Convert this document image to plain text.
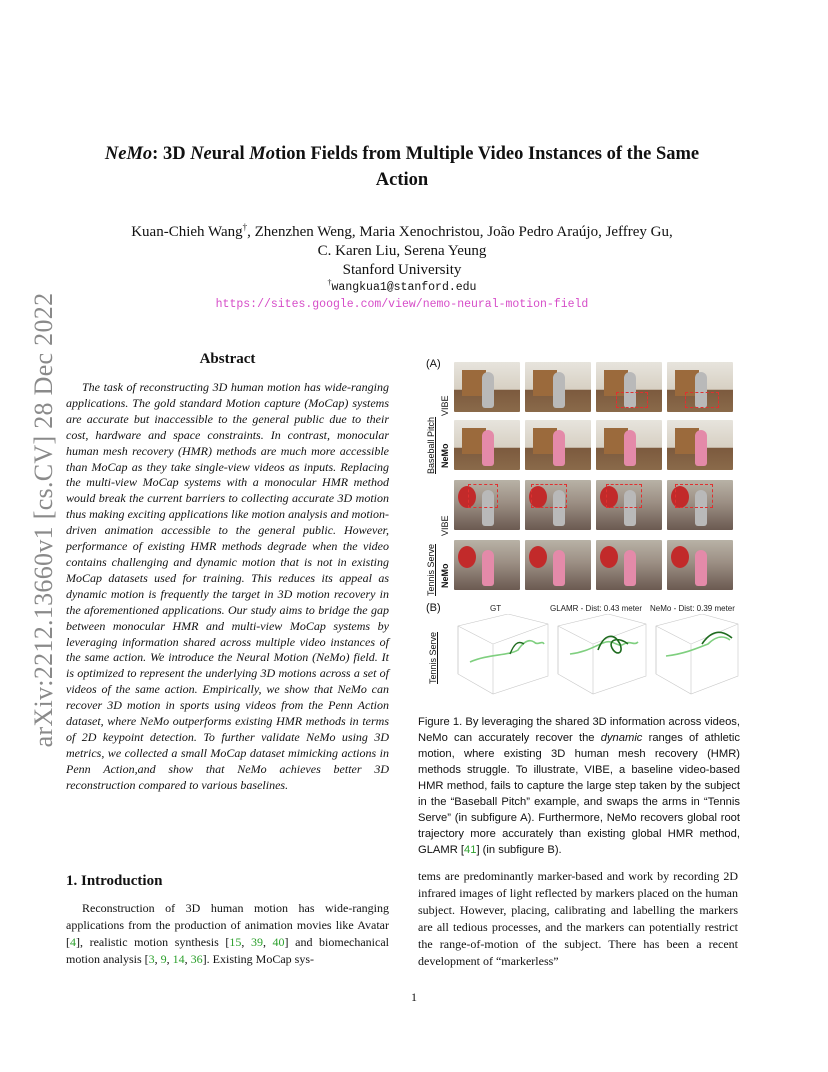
arXiv:2212.13660v1 [cs.CV] 28 Dec 2022
NeMo: 3D Neural Motion Fields from Multiple Video Instances of the Same Action
Kuan-Chieh Wang†, Zhenzhen Weng, Maria Xenochristou, João Pedro Araújo, Jeffrey Gu,
C. Karen Liu, Serena Yeung
Stanford University
†wangkua1@stanford.edu
https://sites.google.com/view/nemo-neural-motion-field
Abstract
The task of reconstructing 3D human motion has wide-ranging applications. The gold standard Motion capture (MoCap) systems are accurate but inaccessible to the general public due to their cost, hardware and space constraints. In contrast, monocular human mesh recovery (HMR) methods are much more accessible than MoCap as they take single-view videos as inputs. Replacing the multi-view MoCap systems with a monocular HMR method would break the current barriers to collecting accurate 3D motion thus making exciting applications like motion analysis and motion-driven animation accessible to the general public. However, performance of existing HMR methods degrade when the video contains challenging and dynamic motion that is not in existing MoCap datasets used for training. This reduces its appeal as dynamic motion is frequently the target in 3D motion recovery in the aforementioned applications. Our study aims to bridge the gap between monocular HMR and multi-view MoCap systems by leveraging information shared across multiple video instances of the same action. We introduce the Neural Motion (NeMo) field. It is optimized to represent the underlying 3D motions across a set of videos of the same action. Empirically, we show that NeMo can recover 3D motion in sports using videos from the Penn Action dataset, where NeMo outperforms existing HMR methods in terms of 2D keypoint detection. To further validate NeMo using 3D metrics, we collected a small MoCap dataset mimicking actions in Penn Action,and show that NeMo achieves better 3D reconstruction compared to various baselines.
1. Introduction
Reconstruction of 3D human motion has wide-ranging applications from the production of animation movies like Avatar [4], realistic motion synthesis [15, 39, 40] and biomechanical motion analysis [3, 9, 14, 36]. Existing MoCap sys-
tems are predominantly marker-based and work by recording 2D infrared images of light reflected by markers placed on the human subject. However, placing, calibrating and labelling the markers are all tedious processes, and the markers can potentially restrict the range-of-motion of the subject. There has been a recent development of “markerless”
(A)
Baseball Pitch
VIBE
NeMo
Tennis Serve
VIBE
NeMo
(B)
Tennis Serve
GT	GLAMR - Dist: 0.43 meter NeMo - Dist: 0.39 meter
Figure 1. By leveraging the shared 3D information across videos, NeMo can accurately recover the dynamic ranges of athletic motion, where existing 3D human mesh recovery (HMR) methods struggle. To illustrate, VIBE, a baseline video-based HMR method, fails to capture the large step taken by the subject in the “Baseball Pitch” example, and swaps the arms in “Tennis Serve” (in subfigure A). Furthermore, NeMo recovers global root trajectory more accurately than existing global HMR method, GLAMR [41] (in subfigure B).
1
